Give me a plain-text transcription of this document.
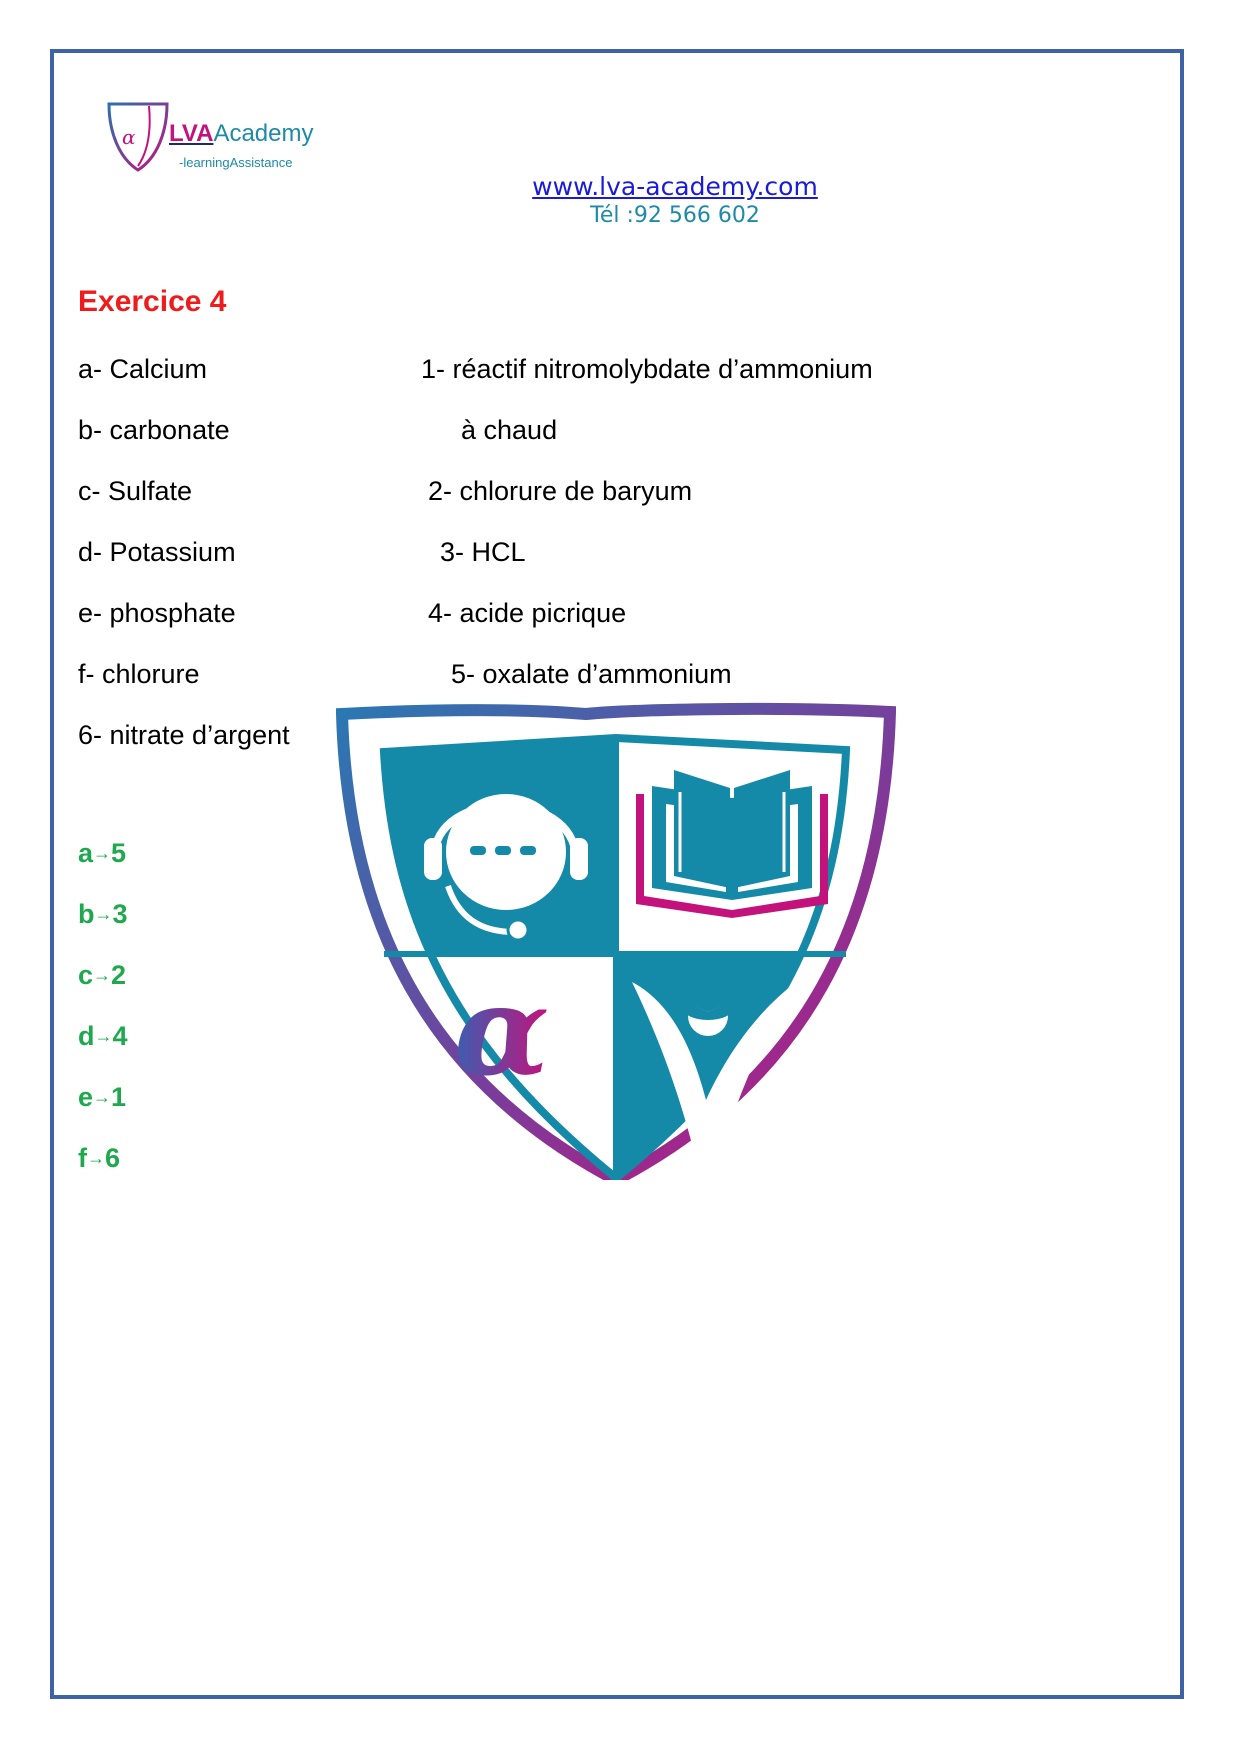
α LVAAcademy
-learningAssistance
www.lva-academy.com
Tél :92 566 602
Exercice 4
a- Calcium
b- carbonate
c- Sulfate
d- Potassium
e- phosphate
f- chlorure
6- nitrate d’argent
1- réactif nitromolybdate d’ammonium
à chaud
2- chlorure de baryum
3- HCL
4- acide picrique
5- oxalate d’ammonium
α
a→5
b→3
c→2
d→4
e→1
f→6
